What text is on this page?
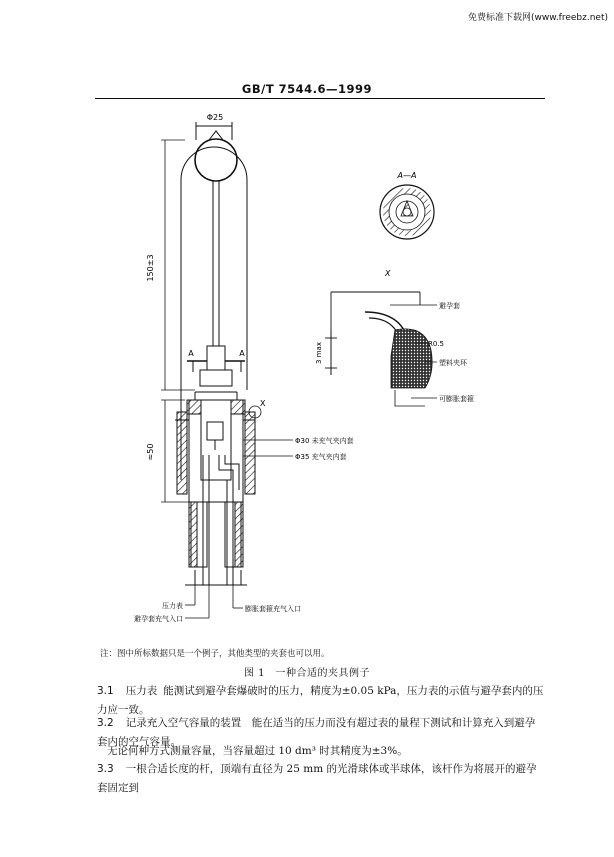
免费标准下载网(www.freebz.net)
GB/T 7544.6—1999
Φ25
150±3
≈50
A	A
X
Φ30 未充气夹内套
Φ35 充气夹内套
压力表
避孕套充气入口
膨胀套箍充气入口
A—A
X
避孕套
R0.5
塑料夹环
可膨胀套箍
3 max
注：图中所标数据只是一个例子，其他类型的夹套也可以用。
图 1　一种合适的夹具例子
3.1 压力表 能测试到避孕套爆破时的压力，精度为±0.05 kPa，压力表的示值与避孕套内的压力应一致。
3.2 记录充入空气容量的装置　能在适当的压力而没有超过表的量程下测试和计算充入到避孕套内的空气容量。
无论何种方式测量容量，当容量超过 10 dm³ 时其精度为±3%。
3.3 一根合适长度的杆，顶端有直径为 25 mm 的光滑球体或半球体，该杆作为将展开的避孕套固定到
